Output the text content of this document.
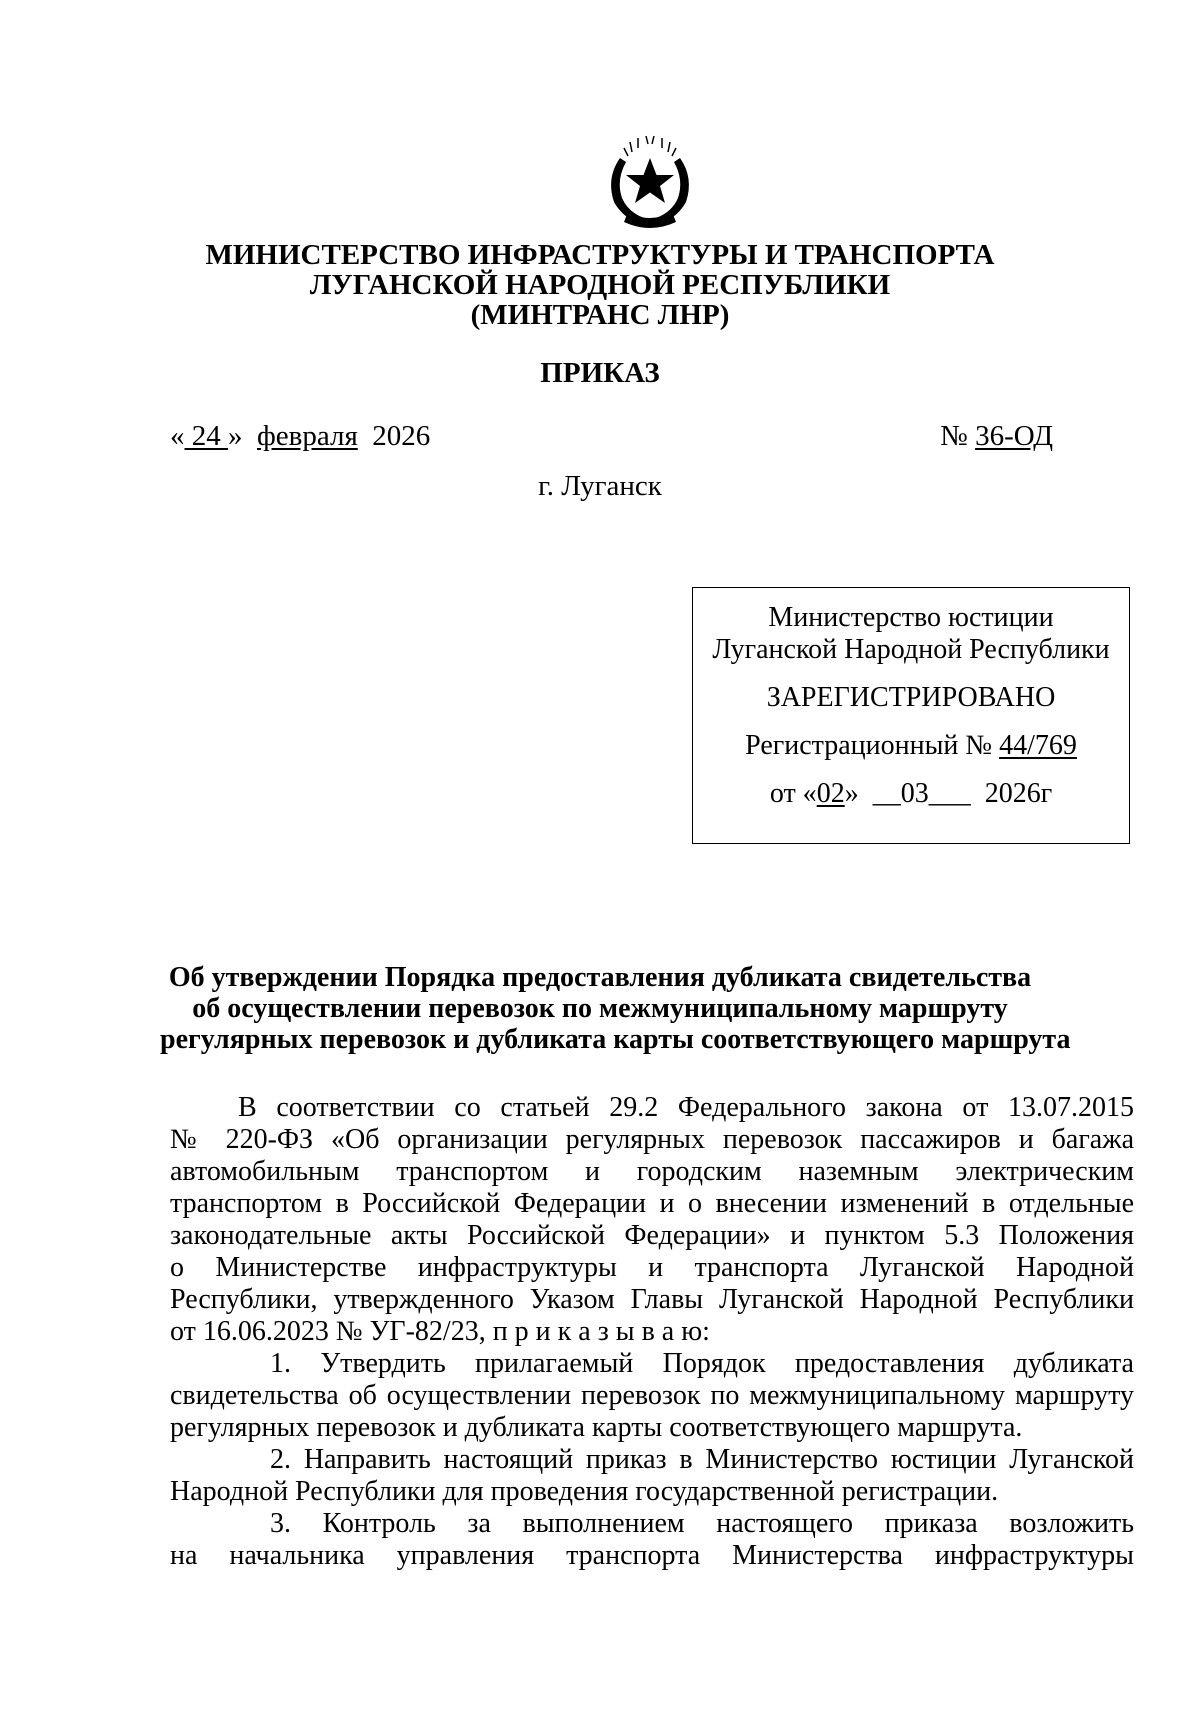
МИНИСТЕРСТВО ИНФРАСТРУКТУРЫ И ТРАНСПОРТА
ЛУГАНСКОЙ НАРОДНОЙ РЕСПУБЛИКИ
(МИНТРАНС ЛНР)
ПРИКАЗ
« 24 » февраля 2026	№ 36-ОД
г. Луганск
Министерство юстиции
Луганской Народной Республики
ЗАРЕГИСТРИРОВАНО
Регистрационный № 44/769
от «02» __03___ 2026г
Об утверждении Порядка предоставления дубликата свидетельства
об осуществлении перевозок по межмуниципальному маршруту
регулярных перевозок и дубликата карты соответствующего маршрута
В соответствии со статьей 29.2 Федерального закона от 13.07.2015
№ 220-ФЗ «Об организации регулярных перевозок пассажиров и багажа
автомобильным транспортом и городским наземным электрическим
транспортом в Российской Федерации и о внесении изменений в отдельные
законодательные акты Российской Федерации» и пунктом 5.3 Положения
о Министерстве инфраструктуры и транспорта Луганской Народной
Республики, утвержденного Указом Главы Луганской Народной Республики
от 16.06.2023 № УГ-82/23, п р и к а з ы в а ю:
1. Утвердить прилагаемый Порядок предоставления дубликата
свидетельства об осуществлении перевозок по межмуниципальному маршруту
регулярных перевозок и дубликата карты соответствующего маршрута.
2. Направить настоящий приказ в Министерство юстиции Луганской
Народной Республики для проведения государственной регистрации.
3. Контроль за выполнением настоящего приказа возложить
на начальника управления транспорта Министерства инфраструктуры
